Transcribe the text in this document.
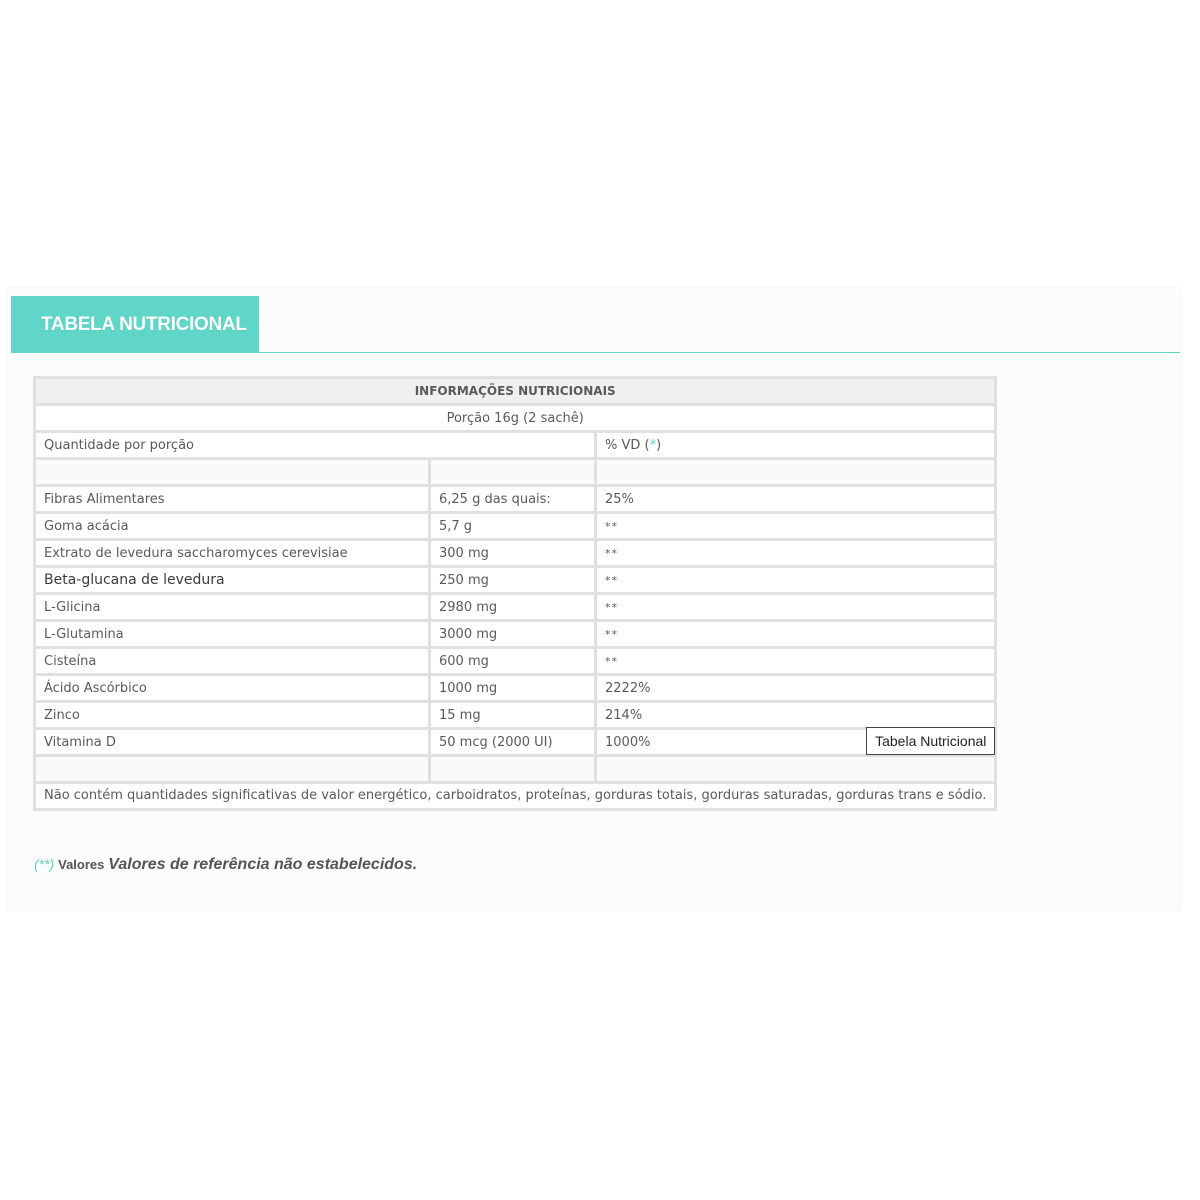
TABELA NUTRICIONAL
INFORMAÇÕES NUTRICIONAIS		
Porção 16g (2 sachê)		
Quantidade por porção		% VD (*)

Fibras Alimentares	6,25 g das quais:	25%
Goma acácia	5,7 g	**
Extrato de levedura saccharomyces cerevisiae	300 mg	**
Beta-glucana de levedura	250 mg	**
L-Glicina	2980 mg	**
L-Glutamina	3000 mg	**
Cisteína	600 mg	**
Ácido Ascórbico	1000 mg	2222%
Zinco	15 mg	214%
Vitamina D	50 mcg (2000 UI)	1000% Tabela Nutricional

Não contém quantidades significativas de valor energético, carboidratos, proteínas, gorduras totais, gorduras saturadas, gorduras trans e sódio.		
(**) Valores Valores de referência não estabelecidos.
